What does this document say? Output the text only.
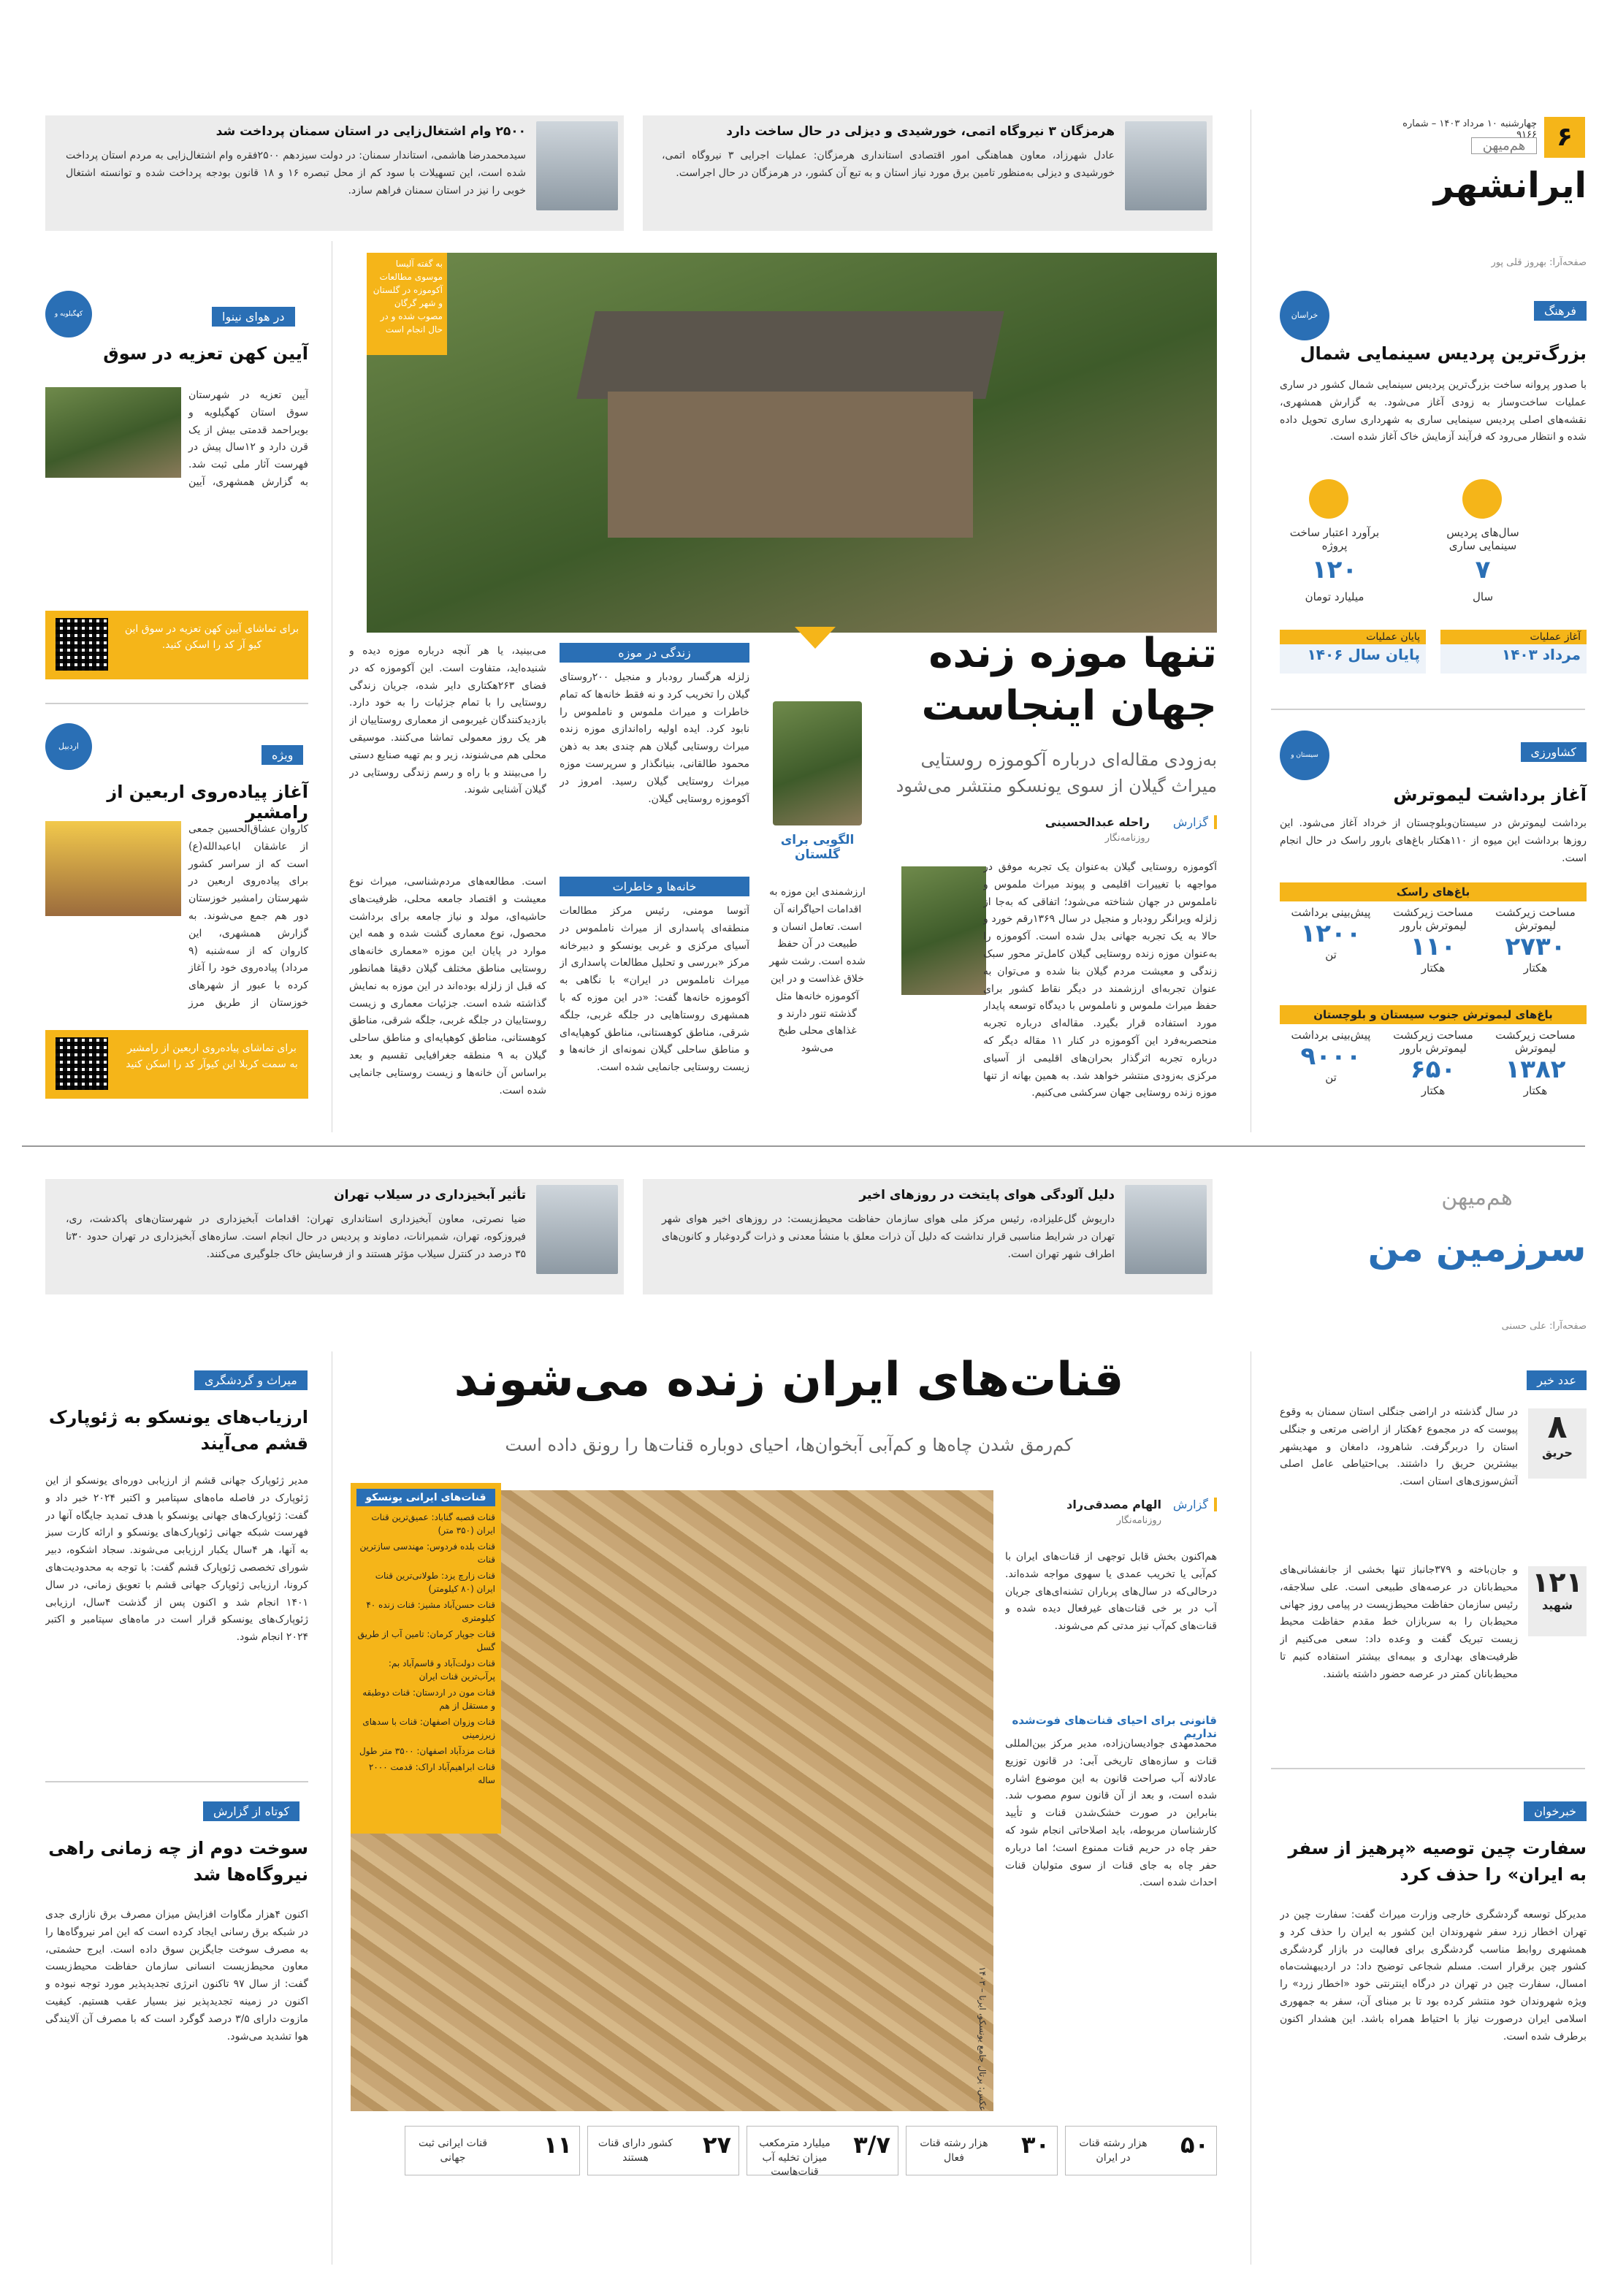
۶
چهارشنبه ۱۰ مرداد ۱۴۰۳ – شماره ۹۱۶۶
هم‌میهن
ایرانشهر
صفحه‌آرا: بهروز قلی پور
هرمزگان ۳ نیروگاه اتمی، خورشیدی و دیزلی در حال ساخت دارد
عادل شهرزاد، معاون هماهنگی امور اقتصادی استانداری هرمزگان: عملیات اجرایی ۳ نیروگاه اتمی، خورشیدی و دیزلی به‌منظور تامین برق مورد نیاز استان و به تبع آن کشور، در هرمزگان در حال اجراست.
۲۵۰۰ وام اشتغال‌زایی در استان سمنان پرداخت شد
سیدمحمدرضا هاشمی، استاندار سمنان: در دولت سیزدهم ۲۵۰۰فقره وام اشتغال‌زایی به مردم استان پرداخت شده است، این تسهیلات با سود کم از محل تبصره ۱۶ و ۱۸ قانون بودجه پرداخت شده و توانسته اشتغال خوبی را نیز در استان سمنان فراهم سازد.
فرهنگ
خراسان
بزرگ‌ترین پردیس سینمایی شمال
با صدور پروانه ساخت بزرگ‌ترین پردیس سینمایی شمال کشور در ساری عملیات ساخت‌وساز به زودی آغاز می‌شود. به گزارش همشهری، نقشه‌های اصلی پردیس سینمایی ساری به شهرداری ساری تحویل داده شده و انتظار می‌رود که فرآیند آزمایش خاک آغاز شده است.
سال‌های پردیس سینمایی ساری
۷
سال
برآورد اعتبار ساخت پروژه
۱۲۰
میلیارد تومان
آغاز عملیات
مرداد ۱۴۰۳
پایان عملیات
پایان سال ۱۴۰۶
کشاورزی
سیستان و بلوچستان	آغاز برداشت لیموترش
برداشت لیموترش در سیستان‌وبلوچستان از خرداد آغاز می‌شود. این روزها برداشت این میوه از ۱۱۰هکتار باغ‌های بارور راسک در حال انجام است.
باغ‌های راسک
مساحت زیرکشت لیموترش
۲۷۳۰
هکتار
مساحت زیرکشت لیموترش بارور
۱۱۰
هکتار
پیش‌بینی برداشت
۱۲۰۰
تن
باغ‌های لیموترش جنوب سیستان و بلوچستان
مساحت زیرکشت لیموترش
۱۳۸۲
هکتار
مساحت زیرکشت لیموترش بارور
۶۵۰
هکتار
پیش‌بینی برداشت
۹۰۰۰
تن
به گفته آلیسا موسوی مطالعات آکوموزه در گلستان و شهر گرگان مصوب شده و در حال انجام است
تنها موزه زنده
جهان اینجاست
به‌زودی مقاله‌ای درباره آکوموزه روستایی میراث گیلان از سوی یونسکو منتشر می‌شود
گزارش
راحله عبدالحسینی
روزنامه‌نگار
آکوموزه روستایی گیلان به‌عنوان یک تجربه موفق در مواجهه با تغییرات اقلیمی و پیوند میراث ملموس و ناملموس در جهان شناخته می‌شود؛ اتفاقی که به‌جا از زلزله ویرانگر رودبار و منجیل در سال ۱۳۶۹رقم خورد و حالا به یک تجربه جهانی بدل شده است. آکوموزه را به‌عنوان موزه زنده روستایی گیلان کامل‌تر محور سبک زندگی و معیشت مردم گیلان بنا شده و می‌توان به عنوان تجربه‌ای ارزشمند در دیگر نقاط کشور برای حفظ میراث ملموس و ناملموس با دیدگاه توسعه پایدار مورد استفاده قرار بگیرد. مقاله‌ای درباره تجربه منحصربه‌فرد این آکوموزه در کنار ۱۱ مقاله دیگر که درباره تجربه‌ اثرگذار بحران‌های اقلیمی از آسیای مرکزی به‌زودی منتشر خواهد شد. به همین بهانه از تنها موزه زنده روستایی جهان سرکشی می‌کنیم.
الگویی برای گلستان
ارزشمندی این موزه به اقدامات احیاگرانه آن است. تعامل انسان و طبیعت در آن حفظ شده است. رشت شهر خلاق غذاست و در این آکوموزه خانه‌ها مثل گذشته تنور دارند و غذاهای محلی طبخ می‌شود
زندگی در موزه
زلزله هرگسار رودبار و منجیل ۲۰۰روستای گیلان را تخریب کرد و نه فقط خانه‌ها که تمام خاطرات و میراث ملموس و ناملموس را نابود کرد. ایده اولیه راه‌اندازی موزه زنده میراث روستایی گیلان هم چندی بعد به ذهن محمود طالقانی، بنیانگذار و سرپرست موزه میراث روستایی گیلان رسید. امروز در آکوموزه روستایی گیلان.
خانه‌ها و خاطرات
آتوسا مومنی، رئیس مرکز مطالعات منطقه‌ای پاسداری از میراث ناملموس در آسیای مرکزی و غربی یونسکو و دبیرخانه مرکز «بررسی و تحلیل مطالعات پاسداری از میراث ناملموس در ایران» با نگاهی به آکوموزه خانه‌ها گفت: «در این موزه که با همشهری روستاهایی در جلگه غربی، جلگه شرقی، مناطق کوهستانی، مناطق کوهپایه‌ای و مناطق ساحلی گیلان نمونه‌ای از خانه‌ها و زیست روستایی جانمایی شده است.
می‌بینید، یا هر آنچه درباره موزه دیده و شنیده‌اید، متفاوت است. این آکوموزه که در فضای ۲۶۳هکتاری دایر شده، جریان زندگی روستایی را با تمام جزئیات را به خود دارد. بازدیدکنندگان غیربومی از معماری روستاییان از هر یک روز معمولی تماشا می‌کنند. موسیقی محلی هم می‌شنوند، زیر و بم تهیه صنایع دستی را می‌بینند و با راه و رسم زندگی روستایی در گیلان آشنایی شوند.
است. مطالعه‌های مردم‌شناسی، میراث نوع معیشت و اقتصاد جامعه محلی، ظرفیت‌های حاشیه‌ای، مولد و نیاز جامعه برای برداشت محصول، نوع معماری گشت شده و همه این موارد در پایان این موزه «معماری خانه‌های روستایی مناطق مختلف گیلان دقیقا همانطور که قبل از زلزله بوده‌اند در این موزه به نمایش گذاشته شده است. جزئیات معماری و زیست روستاییان در جلگه غربی، جلگه شرقی، مناطق کوهستانی، مناطق کوهپایه‌ای و مناطق ساحلی گیلان به ۹ منطقه جغرافیایی تقسیم و بعد براساس آن خانه‌ها و زیست روستایی جانمایی شده است.
در هوای نینوا
کهگیلویه و بویراحمد	آیین کهن تعزیه در سوق
آیین تعزیه در شهرستان سوق استان کهگیلویه و بویراحمد قدمتی بیش از یک قرن دارد و ۱۲سال پیش در فهرست آثار ملی ثبت شد. به گزارش همشهری، آیین
برای تماشای آیین کهن تعزیه در سوق این کیو آر کد را اسکن کنید.
ویژه
اردبیل
آغاز پیاده‌روی اربعین از رامشیر
کاروان عشاق‌الحسین جمعی از عاشقان اباعبدالله(ع) است که از سراسر کشور برای پیاده‌روی اربعین در شهرستان رامشیر خوزستان دور هم جمع می‌شوند. به گزارش همشهری، این کاروان که از سه‌شنبه (۹ مرداد) پیاده‌روی خود را آغاز کرده با عبور از شهرهای خوزستان از طریق مرز
برای تماشای پیاده‌روی اربعین از رامشیر به سمت کربلا این کیوآر کد را اسکن کنید
هم‌میهن
سرزمین من
صفحه‌آرا: علی حسنی
دلیل آلودگی هوای پایتخت در روزهای اخیر
داریوش گل‌علیزاده، رئیس مرکز ملی هوای سازمان حفاظت محیط‌زیست: در روزهای اخیر هوای شهر تهران در شرایط مناسبی قرار نداشت که دلیل آن ذرات معلق با منشأ معدنی و ذرات گردوغبار و کانون‌های اطراف شهر تهران است.
تأثیر آبخیزداری در سیلاب تهران
ضیا نصرتی، معاون آبخیزداری استانداری تهران: اقدامات آبخیزداری در شهرستان‌های پاکدشت، ری، فیروزکوه، تهران، شمیرانات، دماوند و پردیس در حال انجام است. سازه‌های آبخیزداری در تهران حدود ۳۰تا ۳۵ درصد در کنترل سیلاب مؤثر هستند و از فرسایش خاک جلوگیری می‌کنند.
قنات‌های ایران زنده می‌شوند
کم‌رمق شدن چاه‌ها و کم‌آبی آبخوان‌ها، احیای دوباره قنات‌ها را رونق داده است
عکس: پرتال جامع یونسکو، ایرنا – ۱۴۰۳
قنات‌های ایرانی یونسکو
قنات قصبه گناباد: عمیق‌ترین قنات ایران (۳۵۰ متر)
قنات بلده فردوس: مهندسی سازترین قنات
قنات زارچ یزد: طولانی‌ترین قنات ایران (۸۰ کیلومتر)
قنات حسن‌آباد مشیز: قنات زنده ۴۰ کیلومتری
قنات جوپار کرمان: تامین آب از طریق گسل
قنات دولت‌آباد و قاسم‌آباد بم: پرآب‌ترین قنات ایران
قنات مون در اردستان: قنات دوطبقه و مستقل از هم
قنات وزوان اصفهان: قنات با سدهای زیرزمینی
قنات مزدآباد اصفهان: ۳۵۰۰ متر طول
قنات ابراهیم‌آباد اراک: قدمت ۲۰۰۰ ساله
گزارش
الهام مصدقی‌راد
روزنامه‌نگار
هم‌اکنون بخش قابل توجهی از قنات‌های ایران با کم‌آبی یا تخریب عمدی یا سهوی مواجه شده‌اند. درحالی‌که در سال‌های پرباران تشنه‌ای‌های جریان آب در بر خی قنات‌های غیرفعال دیده شده و قنات‌های کم‌آب نیز مدتی کم می‌شوند.
قانونی برای احیای قنات‌های فوت‌شده نداریم
محمدمهدی جوادیسان‌زاده، مدیر مرکز بین‌المللی قنات و سازه‌های تاریخی آبی: در قانون توزیع عادلانه آب صراحت قانون به این موضوع اشاره شده است، و بعد از آن قانون سوم مصوب شد. بنابراین در صورت خشک‌شدن قنات و تأیید کارشناسان مربوطه، باید اصلاحاتی انجام شود که حفر چاه در حریم قنات ممنوع است؛ اما درباره حفر چاه به جای قنات از سوی متولیان قنات احداث شده است.
۵۰
هزار رشته قنات در ایران
۳۰
هزار رشته قنات فعال
۳/۷
میلیارد مترمکعب میزان تخلیه آب قنات‌هاست
۲۷
کشور دارای قنات هستند
۱۱
قنات ایرانی ثبت جهانی
عدد خبر
۸
حریق
در سال گذشته در اراضی جنگلی استان سمنان به وقوع پیوست که در مجموع ۶هکتار از اراضی مرتعی و جنگلی استان را دربرگرفت. شاهرود، دامغان و مهدیشهر بیشترین حریق را داشتند. بی‌احتیاطی عامل اصلی آتش‌سوزی‌های استان است.
۱۲۱
شهید
و جان‌باخته و ۳۷۹جانباز تنها بخشی از جانفشانی‌های محیط‌بانان در عرصه‌های طبیعی است. علی سلاجقه، رئیس سازمان حفاظت محیط‌زیست در پیامی روز جهانی محیط‌بان را به سربازان خط مقدم حفاظت محیط زیست تبریک گفت و وعده داد: سعی می‌کنیم از ظرفیت‌های بهداری و بیمه‌ای بیشتر استفاده کنیم تا محیط‌بانان کمتر در عرصه حضور داشته باشند.
خبرخوان
سفارت چین توصیه «پرهیز از سفر به ایران» را حذف کرد
مدیرکل توسعه گردشگری خارجی وزارت میراث گفت: سفارت چین در تهران اخطار زرد سفر شهروندان این کشور به ایران را حذف کرد و همشهری روابط مناسب گردشگری برای فعالیت در بازار گردشگری کشور چین برقرار است. مسلم شجاعی توضیح داد: در اردیبهشت‌ماه امسال، سفارت چین در تهران در درگاه اینترنتی خود «اخطار زرد» را ویژه شهروندان خود منتشر کرده بود تا بر مبنای آن، سفر به جمهوری اسلامی ایران درصورت نیاز با احتیاط همراه باشد. این هشدار اکنون برطرف شده است.
میراث و گردشگری
ارزیاب‌های یونسکو به ژئوپارک قشم می‌آیند
مدیر ژئوپارک جهانی قشم از ارزیابی دوره‌ای یونسکو از این ژئوپارک در فاصله ماه‌های سپتامبر و اکتبر ۲۰۲۴ خبر داد و گفت: ژئوپارک‌های جهانی یونسکو با هدف تمدید جایگاه آنها در فهرست شبکه جهانی ژئوپارک‌های یونسکو و ارائه کارت سبز به آنها، هر ۴سال یکبار ارزیابی می‌شوند. سجاد اشکوه، دبیر شورای تخصصی ژئوپارک قشم گفت: با توجه به محدودیت‌های کرونا، ارزیابی ژئوپارک جهانی قشم با تعویق زمانی، در سال ۱۴۰۱ انجام شد و اکنون پس از گذشت ۴سال، ارزیابی ژئوپارک‌های یونسکو قرار است در ماه‌های سپتامبر و اکتبر ۲۰۲۴ انجام شود.
کوتاه از گزارش
سوخت دوم از چه زمانی راهی نیروگاه‌ها شد
اکنون ۴هزار مگاوات افزایش میزان مصرف برق نازاری جدی در شبکه برق رسانی ایجاد کرده است که این امر نیروگاه‌ها را به مصرف سوخت جایگزین سوق داده است. ایرج حشمتی، معاون محیط‌زیست انسانی سازمان حفاظت محیط‌زیست گفت: از سال ۹۷ تاکنون انرژی تجدیدپذیر مورد توجه نبوده و اکنون در زمینه تجدیدپذیر نیز بسیار عقب هستیم. کیفیت مازوت دارای ۳/۵ درصد گوگرد است که با مصرف آن آلایندگی هوا تشدید می‌شود.
